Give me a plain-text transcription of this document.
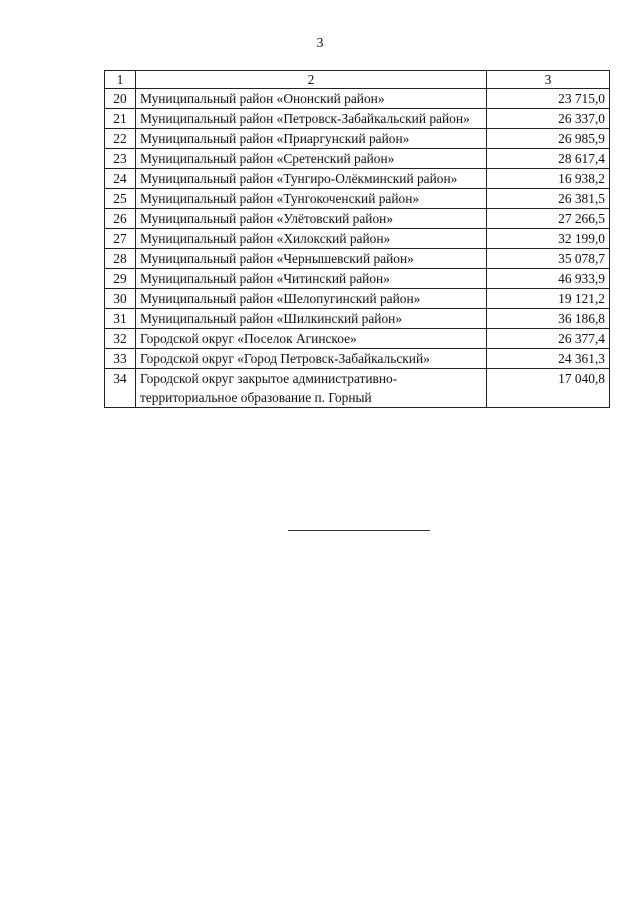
3
1	2	3
20	Муниципальный район «Ононский район»	23 715,0
21	Муниципальный район «Петровск-Забайкальский район»	26 337,0
22	Муниципальный район «Приаргунский район»	26 985,9
23	Муниципальный район «Сретенский район»	28 617,4
24	Муниципальный район «Тунгиро-Олёкминский район»	16 938,2
25	Муниципальный район «Тунгокоченский район»	26 381,5
26	Муниципальный район «Улётовский район»	27 266,5
27	Муниципальный район «Хилокский район»	32 199,0
28	Муниципальный район «Чернышевский район»	35 078,7
29	Муниципальный район «Читинский район»	46 933,9
30	Муниципальный район «Шелопугинский район»	19 121,2
31	Муниципальный район «Шилкинский район»	36 186,8
32	Городской округ «Поселок Агинское»	26 377,4
33	Городской округ «Город Петровск-Забайкальский»	24 361,3
34	Городской округ закрытое административно-территориальное образование п. Горный	17 040,8
